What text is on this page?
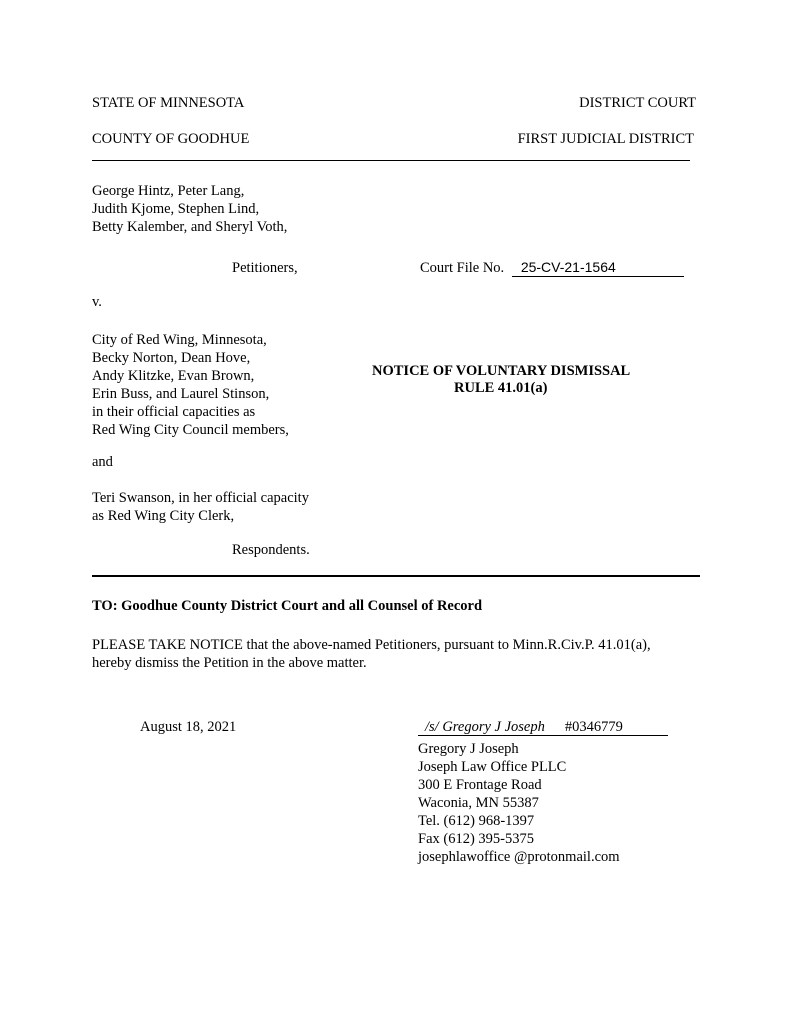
STATE OF MINNESOTA	DISTRICT COURT
COUNTY OF GOODHUE	FIRST JUDICIAL DISTRICT
George Hintz, Peter Lang,
Judith Kjome, Stephen Lind,
Betty Kalember, and Sheryl Voth,
Petitioners,	Court File No. 25-CV-21-1564
v.
City of Red Wing, Minnesota,
Becky Norton, Dean Hove,
Andy Klitzke, Evan Brown,
Erin Buss, and Laurel Stinson,
in their official capacities as
Red Wing City Council members,
NOTICE OF VOLUNTARY DISMISSAL
RULE 41.01(a)
and
Teri Swanson, in her official capacity
as Red Wing City Clerk,
Respondents.
TO: Goodhue County District Court and all Counsel of Record
PLEASE TAKE NOTICE that the above-named Petitioners, pursuant to Minn.R.Civ.P. 41.01(a),
hereby dismiss the Petition in the above matter.
August 18, 2021	/s/ Gregory J Joseph #0346779
Gregory J Joseph
Joseph Law Office PLLC
300 E Frontage Road
Waconia, MN 55387
Tel. (612) 968-1397
Fax (612) 395-5375
josephlawoffice @protonmail.com
